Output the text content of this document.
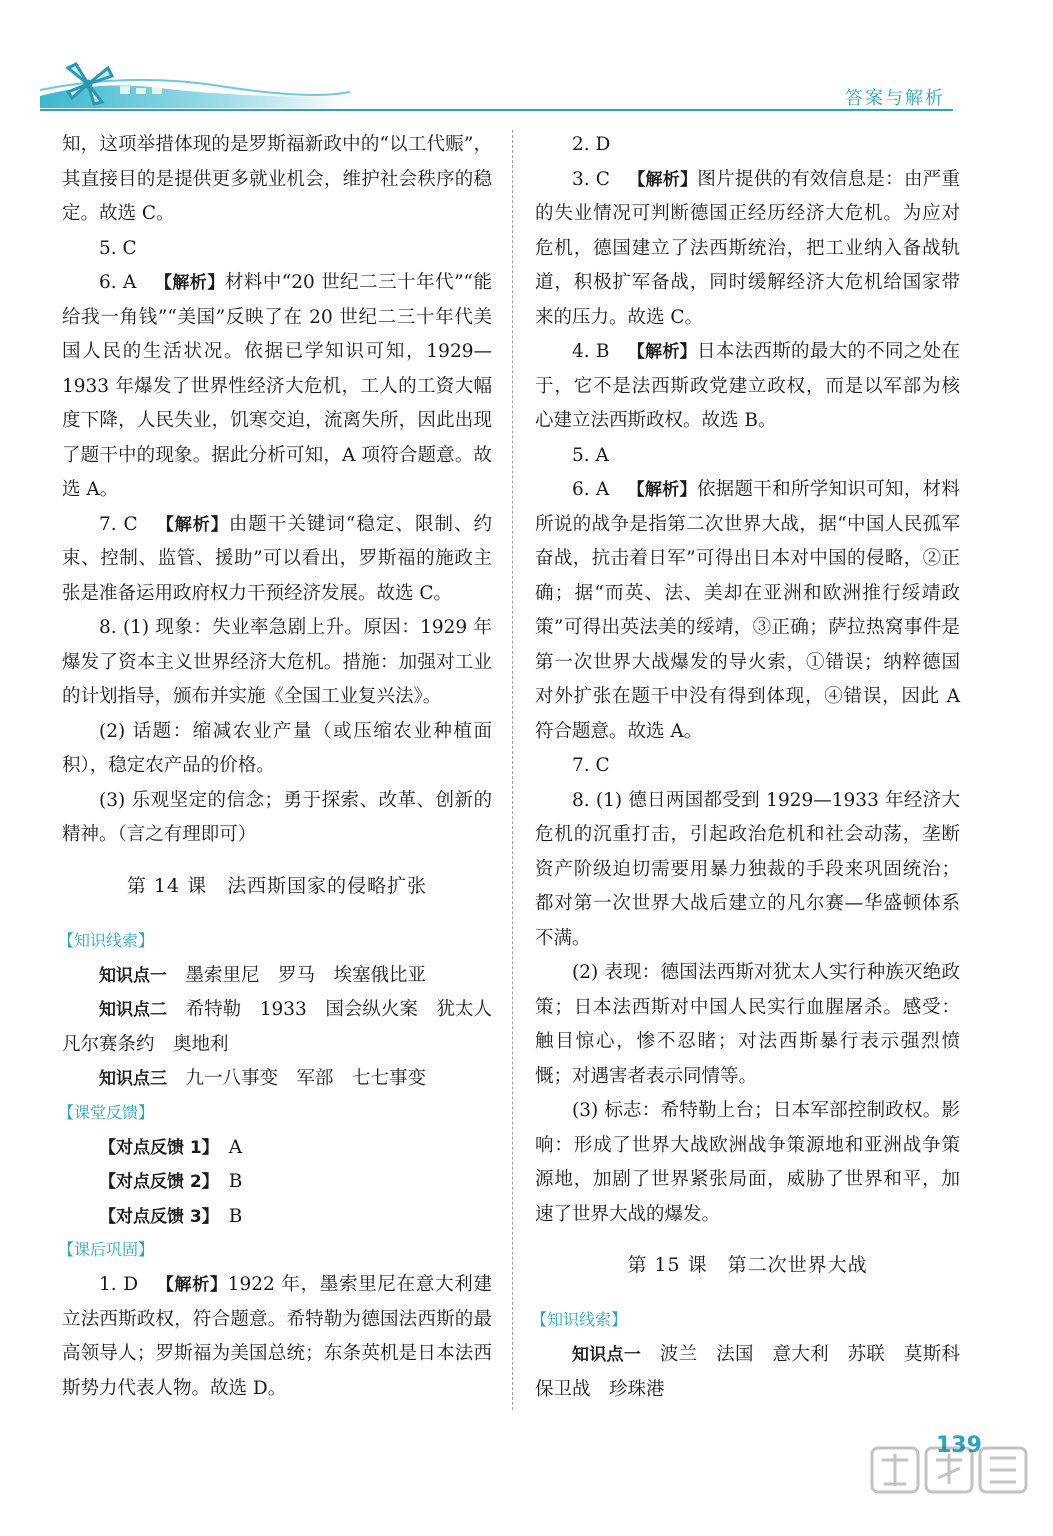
答案与解析

知，这项举措体现的是罗斯福新政中的“以工代赈”，其直接目的是提供更多就业机会，维护社会秩序的稳定。故选 C。

5. C

6. A 【解析】材料中“20 世纪二三十年代”“能给我一角钱”“美国”反映了在 20 世纪二三十年代美国人民的生活状况。依据已学知识可知，1929—1933 年爆发了世界性经济大危机，工人的工资大幅度下降，人民失业，饥寒交迫，流离失所，因此出现了题干中的现象。据此分析可知，A 项符合题意。故选 A。

7. C 【解析】由题干关键词“稳定、限制、约束、控制、监管、援助”可以看出，罗斯福的施政主张是准备运用政府权力干预经济发展。故选 C。

8. (1) 现象：失业率急剧上升。原因：1929 年爆发了资本主义世界经济大危机。措施：加强对工业的计划指导，颁布并实施《全国工业复兴法》。

(2) 话题：缩减农业产量（或压缩农业种植面积），稳定农产品的价格。

(3) 乐观坚定的信念；勇于探索、改革、创新的精神。（言之有理即可）

第 14 课　法西斯国家的侵略扩张
【知识线索】

知识点一　 墨索里尼　罗马　埃塞俄比亚

知识点二　 希特勒　1933　国会纵火案　犹太人　凡尔赛条约　奥地利

知识点三　 九一八事变　军部　七七事变

【课堂反馈】

【对点反馈 1】　 A

【对点反馈 2】　 B

【对点反馈 3】　 B

【课后巩固】

1. D 【解析】1922 年，墨索里尼在意大利建立法西斯政权，符合题意。希特勒为德国法西斯的最高领导人；罗斯福为美国总统；东条英机是日本法西斯势力代表人物。故选 D。

2. D

3. C 【解析】图片提供的有效信息是：由严重的失业情况可判断德国正经历经济大危机。为应对危机，德国建立了法西斯统治，把工业纳入备战轨道，积极扩军备战，同时缓解经济大危机给国家带来的压力。故选 C。

4. B 【解析】日本法西斯的最大的不同之处在于，它不是法西斯政党建立政权，而是以军部为核心建立法西斯政权。故选 B。

5. A

6. A 【解析】依据题干和所学知识可知，材料所说的战争是指第二次世界大战，据“中国人民孤军奋战，抗击着日军”可得出日本对中国的侵略，②正确；据“而英、法、美却在亚洲和欧洲推行绥靖政策”可得出英法美的绥靖，③正确；萨拉热窝事件是第一次世界大战爆发的导火索，①错误；纳粹德国对外扩张在题干中没有得到体现，④错误，因此 A 符合题意。故选 A。

7. C

8. (1) 德日两国都受到 1929—1933 年经济大危机的沉重打击，引起政治危机和社会动荡，垄断资产阶级迫切需要用暴力独裁的手段来巩固统治；都对第一次世界大战后建立的凡尔赛—华盛顿体系不满。

(2) 表现：德国法西斯对犹太人实行种族灭绝政策；日本法西斯对中国人民实行血腥屠杀。感受：触目惊心，惨不忍睹；对法西斯暴行表示强烈愤慨；对遇害者表示同情等。

(3) 标志：希特勒上台；日本军部控制政权。影响：形成了世界大战欧洲战争策源地和亚洲战争策源地，加剧了世界紧张局面，威胁了世界和平，加速了世界大战的爆发。

第 15 课　第二次世界大战
【知识线索】

知识点一　 波兰　法国　意大利　苏联　莫斯科保卫战　珍珠港

139
